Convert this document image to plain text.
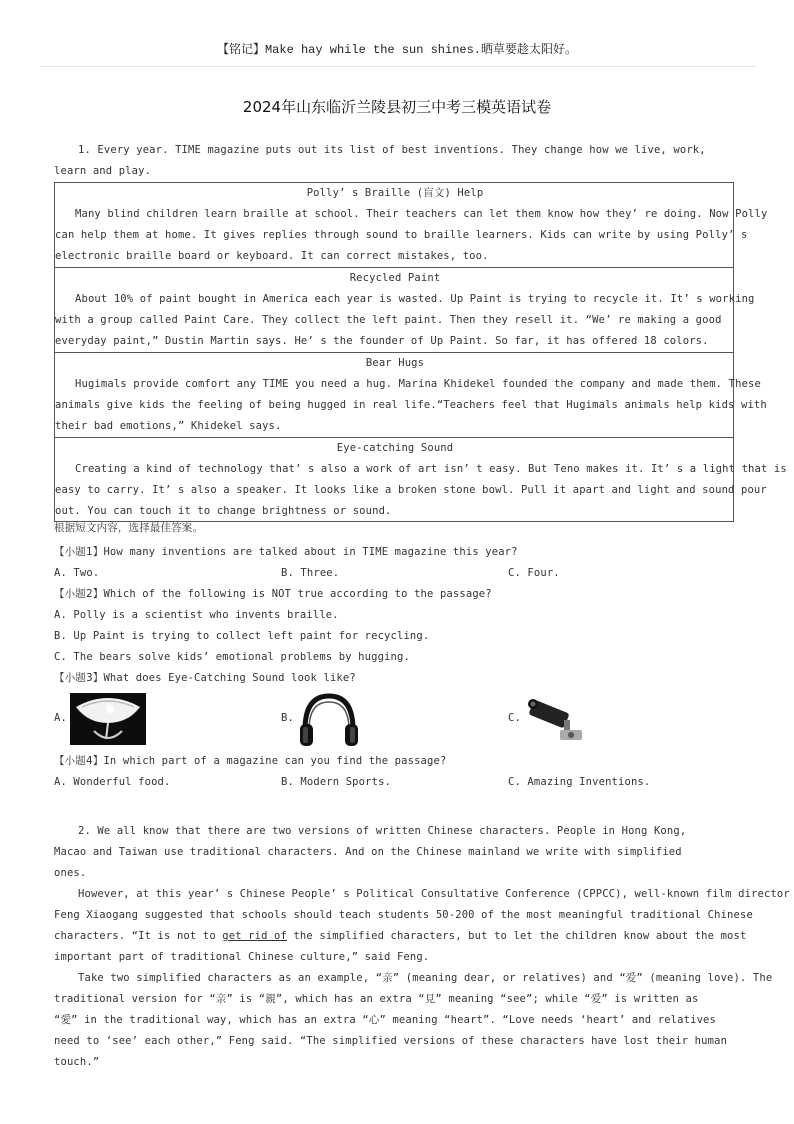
【铭记】Make hay while the sun shines.晒草要趁太阳好。
2024年山东临沂兰陵县初三中考三模英语试卷
1. Every year. TIME magazine puts out its list of best inventions. They change how we live, work,
learn and play.
Polly’ s Braille (盲文) Help
Many blind children learn braille at school. Their teachers can let them know how they’ re doing. Now Polly
can help them at home. It gives replies through sound to braille learners. Kids can write by using Polly’ s
electronic braille board or keyboard. It can correct mistakes, too.
Recycled Paint
About 10% of paint bought in America each year is wasted. Up Paint is trying to recycle it. It’ s working
with a group called Paint Care. They collect the left paint. Then they resell it. “We’ re making a good
everyday paint,” Dustin Martin says. He’ s the founder of Up Paint. So far, it has offered 18 colors.
Bear Hugs
Hugimals provide comfort any TIME you need a hug. Marina Khidekel founded the company and made them. These
animals give kids the feeling of being hugged in real life.“Teachers feel that Hugimals animals help kids with
their bad emotions,” Khidekel says.
Eye-catching Sound
Creating a kind of technology that’ s also a work of art isn’ t easy. But Teno makes it. It’ s a light that is
easy to carry. It’ s also a speaker. It looks like a broken stone bowl. Pull it apart and light and sound pour
out. You can touch it to change brightness or sound.
根据短文内容，选择最佳答案。
【小题1】How many inventions are talked about in TIME magazine this year?
A. Two.	B. Three.	C. Four.
【小题2】Which of the following is NOT true according to the passage?
A. Polly is a scientist who invents braille.
B. Up Paint is trying to collect left paint for recycling.
C. The bears solve kids’ emotional problems by hugging.
【小题3】What does Eye-Catching Sound look like?
A.	B.	C.
【小题4】In which part of a magazine can you find the passage?
A. Wonderful food.	B. Modern Sports.	C. Amazing Inventions.
2. We all know that there are two versions of written Chinese characters. People in Hong Kong,
Macao and Taiwan use traditional characters. And on the Chinese mainland we write with simplified
ones.
However, at this year’ s Chinese People’ s Political Consultative Conference (CPPCC), well-known film director
Feng Xiaogang suggested that schools should teach students 50-200 of the most meaningful traditional Chinese
characters. “It is not to get rid of the simplified characters, but to let the children know about the most
important part of traditional Chinese culture,” said Feng.
Take two simplified characters as an example, “亲” (meaning dear, or relatives) and “爱” (meaning love). The
traditional version for “亲” is “親”, which has an extra “見” meaning “see”; while “爱” is written as
“愛” in the traditional way, which has an extra “心” meaning “heart”. “Love needs ‘heart’ and relatives
need to ‘see’ each other,” Feng said. “The simplified versions of these characters have lost their human
touch.”
